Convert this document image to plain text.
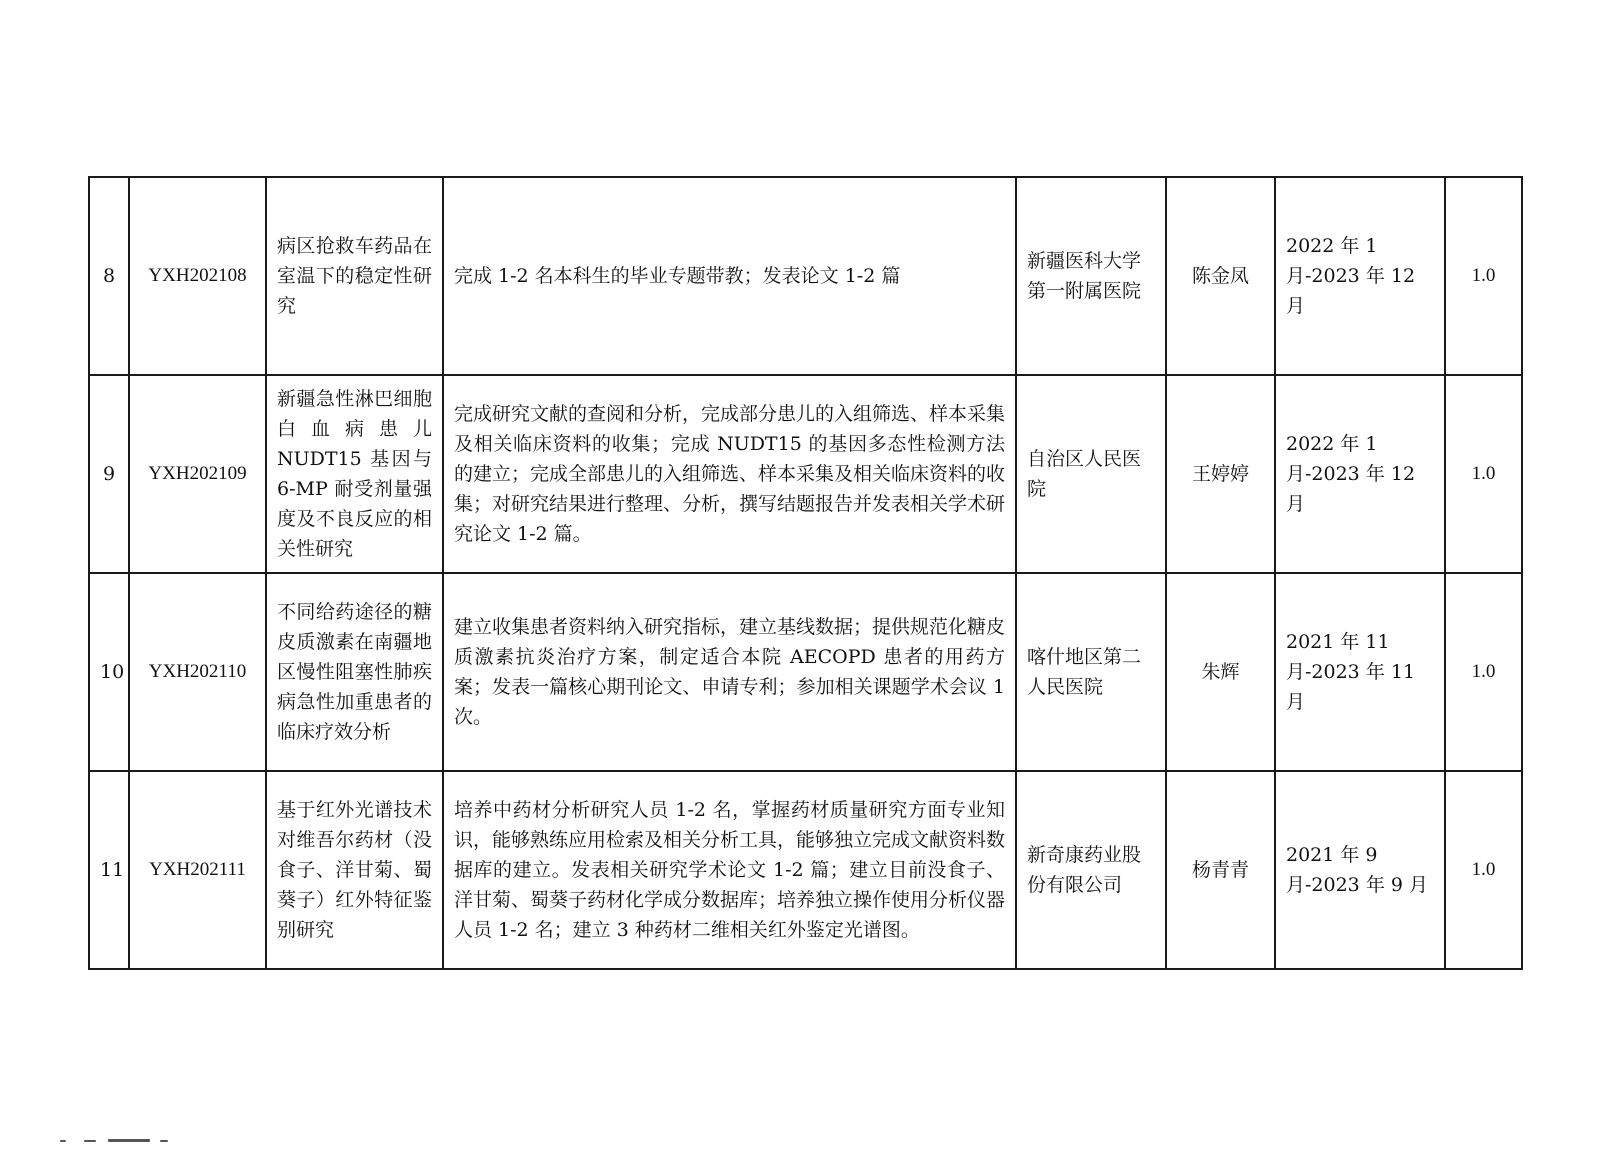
8	YXH202108	病区抢救车药品在室温下的稳定性研究	完成 1-2 名本科生的毕业专题带教；发表论文 1-2 篇	新疆医科大学第一附属医院	陈金凤	2022 年 1 月-2023 年 12 月	1.0
9	YXH202109	新疆急性淋巴细胞白血病患儿 NUDT15 基因与 6-MP 耐受剂量强度及不良反应的相关性研究	完成研究文献的查阅和分析，完成部分患儿的入组筛选、样本采集及相关临床资料的收集；完成 NUDT15 的基因多态性检测方法的建立；完成全部患儿的入组筛选、样本采集及相关临床资料的收集；对研究结果进行整理、分析，撰写结题报告并发表相关学术研究论文 1-2 篇。	自治区人民医院	王婷婷	2022 年 1 月-2023 年 12 月	1.0
10	YXH202110	不同给药途径的糖皮质激素在南疆地区慢性阻塞性肺疾病急性加重患者的临床疗效分析	建立收集患者资料纳入研究指标，建立基线数据；提供规范化糖皮质激素抗炎治疗方案，制定适合本院 AECOPD 患者的用药方案；发表一篇核心期刊论文、申请专利；参加相关课题学术会议 1 次。	喀什地区第二人民医院	朱辉	2021 年 11 月-2023 年 11 月	1.0
11	YXH202111	基于红外光谱技术对维吾尔药材（没食子、洋甘菊、蜀葵子）红外特征鉴别研究	培养中药材分析研究人员 1-2 名，掌握药材质量研究方面专业知识，能够熟练应用检索及相关分析工具，能够独立完成文献资料数据库的建立。发表相关研究学术论文 1-2 篇；建立目前没食子、洋甘菊、蜀葵子药材化学成分数据库；培养独立操作使用分析仪器人员 1-2 名；建立 3 种药材二维相关红外鉴定光谱图。	新奇康药业股份有限公司	杨青青	2021 年 9 月-2023 年 9 月	1.0
